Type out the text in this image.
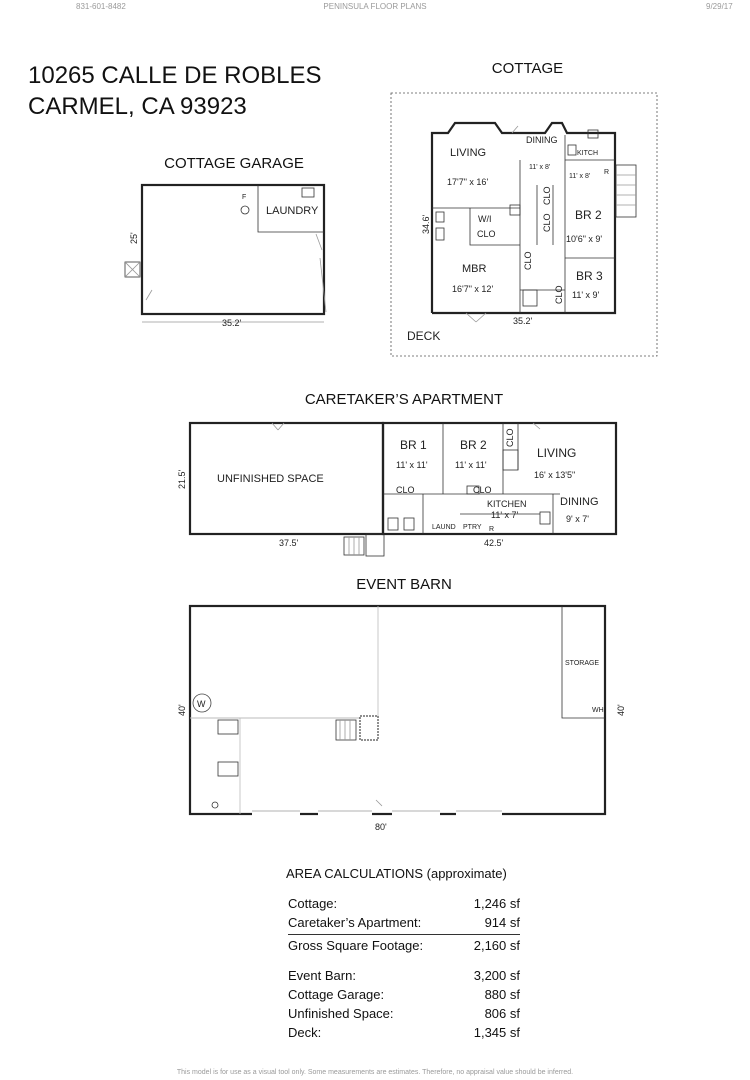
831-601-8482	PENINSULA FLOOR PLANS	9/29/17
10265 CALLE DE ROBLES
CARMEL, CA 93923
COTTAGE
COTTAGE GARAGE
CARETAKER’S APARTMENT
EVENT BARN
LAUNDRY
F
35.2'
25'
LIVING
17'7" x 16'
DINING
11' x 8'
KITCH
11' x 8'
R
W/I
CLO
CLO
CLO
CLO
CLO
BR 2
10'6" x 9'
BR 3
11' x 9'
MBR
16'7" x 12'
DECK
35.2'
34.6'
UNFINISHED SPACE
BR 1
11' x 11'
BR 2
11' x 11'
CLO	CLO
CLO
LIVING
16' x 13'5"
KITCHEN
11' x 7'
DINING
9' x 7'
LAUND PTRY R
21.5'
37.5'	42.5'
STORAGE
WH
W
40'	40'
80'
AREA CALCULATIONS (approximate)
Cottage:	1,246 sf
Caretaker’s Apartment:	914 sf
Gross Square Footage:	2,160 sf
Event Barn:	3,200 sf
Cottage Garage:	880 sf
Unfinished Space:	806 sf
Deck:	1,345 sf
This model is for use as a visual tool only. Some measurements are estimates. Therefore, no appraisal value should be inferred.
